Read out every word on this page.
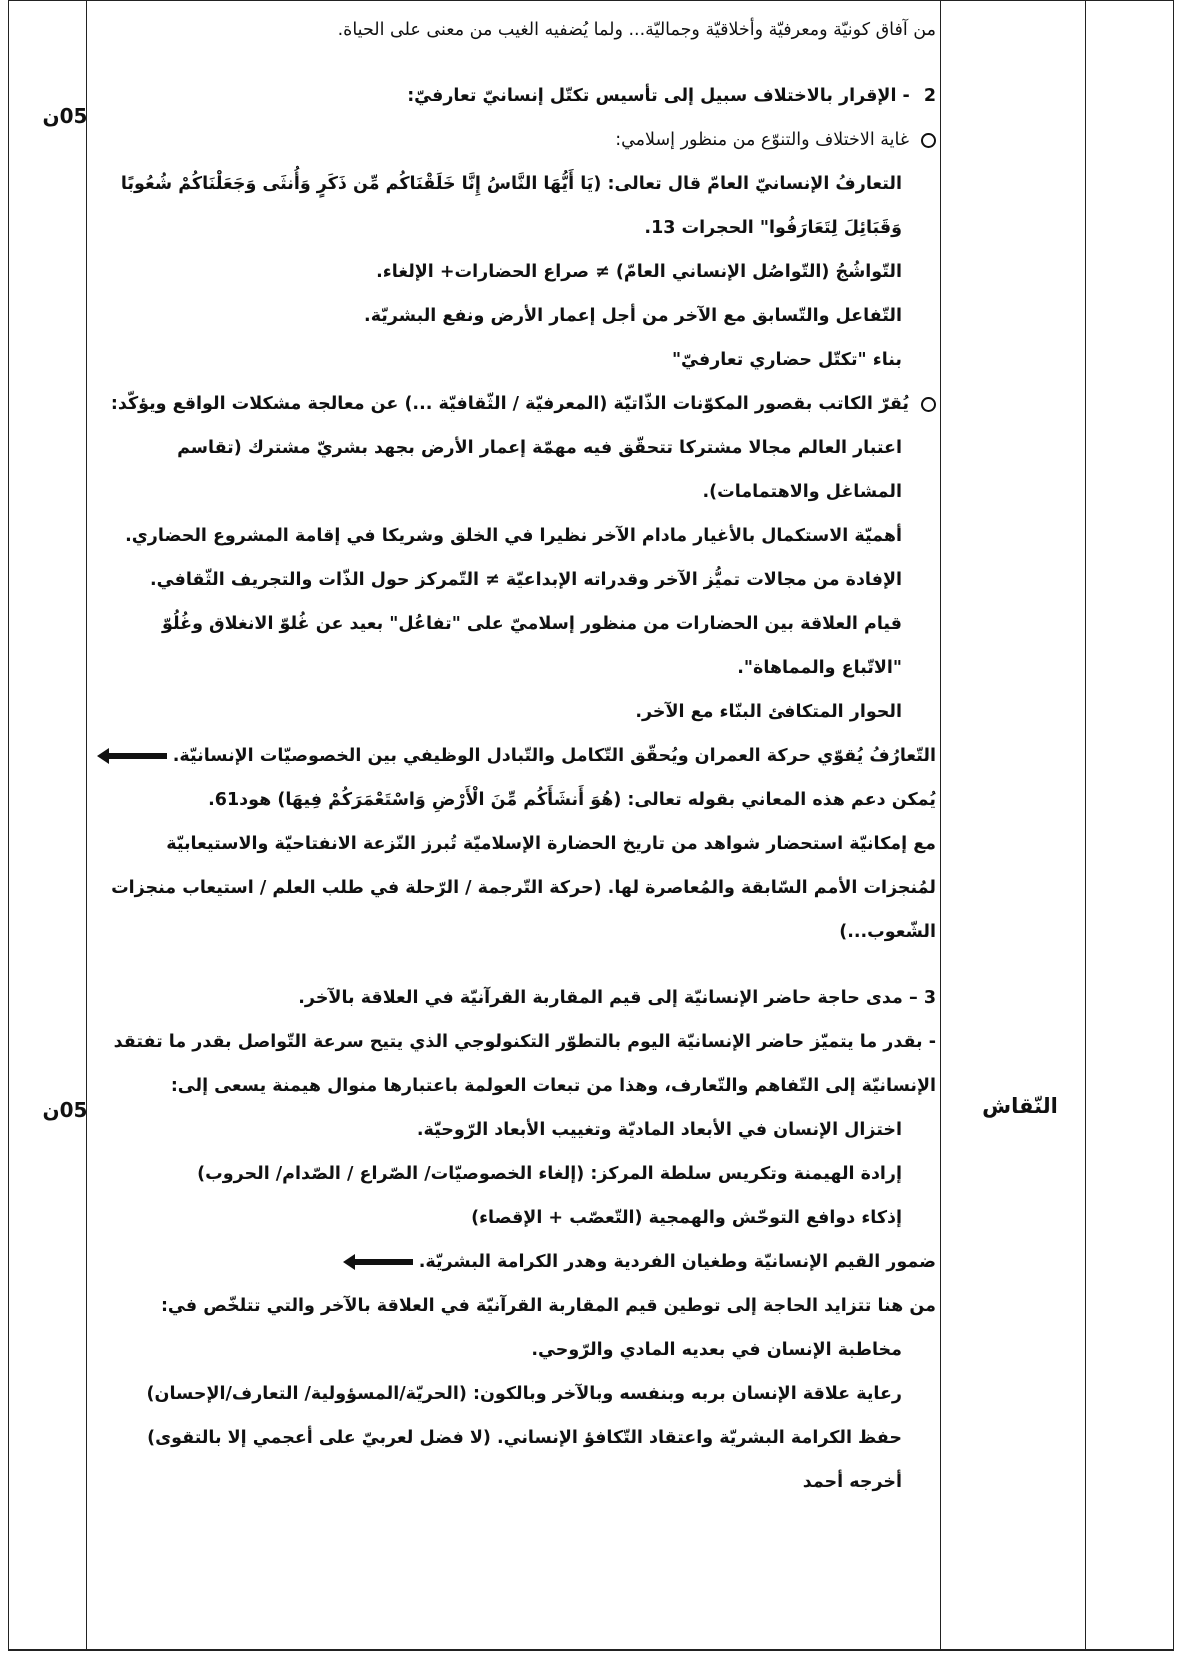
05ن
05ن	النّقاش

من آفاق كونيّة ومعرفيّة وأخلاقيّة وجماليّة... ولما يُضفيه الغيب من معنى على الحياة.

2- الإقرار بالاختلاف سبيل إلى تأسيس تكتّل إنسانيّ تعارفيّ:

غاية الاختلاف والتنوّع من منظور إسلامي:

التعارفُ الإنسانيّ العامّ قال تعالى: (يَا أَيُّهَا النَّاسُ إِنَّا خَلَقْنَاكُم مِّن ذَكَرٍ وَأُنثَى وَجَعَلْنَاكُمْ شُعُوبًا وَقَبَائِلَ لِتَعَارَفُوا" الحجرات 13.

التّواشُجُ (التّواصُل الإنساني العامّ) ≠ صراع الحضارات+ الإلغاء.

التّفاعل والتّسابق مع الآخر من أجل إعمار الأرض ونفع البشريّة.

بناء "تكتّل حضاري تعارفيّ"

يُقرّ الكاتب بقصور المكوّنات الذّاتيّة (المعرفيّة / الثّقافيّة ...) عن معالجة مشكلات الواقع ويؤكّد:

اعتبار العالم مجالا مشتركا تتحقّق فيه مهمّة إعمار الأرض بجهد بشريّ مشترك (تقاسم المشاغل والاهتمامات).

أهميّة الاستكمال بالأغيار مادام الآخر نظيرا في الخلق وشريكا في إقامة المشروع الحضاري.

الإفادة من مجالات تميُّز الآخر وقدراته الإبداعيّة ≠ التّمركز حول الذّات والتجريف الثّقافي.

قيام العلاقة بين الحضارات من منظور إسلاميّ على "تفاعُل" بعيد عن غُلوّ الانغلاق وغُلُوّ "الاتّباع والمماهاة".

الحوار المتكافئ البنّاء مع الآخر.

التّعارُفُ يُقوّي حركة العمران ويُحقّق التّكامل والتّبادل الوظيفي بين الخصوصيّات الإنسانيّة.

يُمكن دعم هذه المعاني بقوله تعالى: (هُوَ أَنشَأَكُم مِّنَ الْأَرْضِ وَاسْتَعْمَرَكُمْ فِيهَا) هود61.

مع إمكانيّة استحضار شواهد من تاريخ الحضارة الإسلاميّة تُبرز النّزعة الانفتاحيّة والاستيعابيّة لمُنجزات الأمم السّابقة والمُعاصرة لها. (حركة التّرجمة / الرّحلة في طلب العلم / استيعاب منجزات الشّعوب...)

3 – مدى حاجة حاضر الإنسانيّة إلى قيم المقاربة القرآنيّة في العلاقة بالآخر.

- بقدر ما يتميّز حاضر الإنسانيّة اليوم بالتطوّر التكنولوجي الذي يتيح سرعة التّواصل بقدر ما تفتقد الإنسانيّة إلى التّفاهم والتّعارف، وهذا من تبعات العولمة باعتبارها منوال هيمنة يسعى إلى:

اختزال الإنسان في الأبعاد الماديّة وتغييب الأبعاد الرّوحيّة.

إرادة الهيمنة وتكريس سلطة المركز: (إلغاء الخصوصيّات/ الصّراع / الصّدام/ الحروب)

إذكاء دوافع التوحّش والهمجية (التّعصّب + الإقصاء)

ضمور القيم الإنسانيّة وطغيان الفردية وهدر الكرامة البشريّة.

من هنا تتزايد الحاجة إلى توطين قيم المقاربة القرآنيّة في العلاقة بالآخر والتي تتلخّص في:

مخاطبة الإنسان في بعديه المادي والرّوحي.

رعاية علاقة الإنسان بربه وبنفسه وبالآخر وبالكون: (الحريّة/المسؤولية/ التعارف/الإحسان)

حفظ الكرامة البشريّة واعتقاد التّكافؤ الإنساني. (لا فضل لعربيّ على أعجمي إلا بالتقوى) أخرجه أحمد
